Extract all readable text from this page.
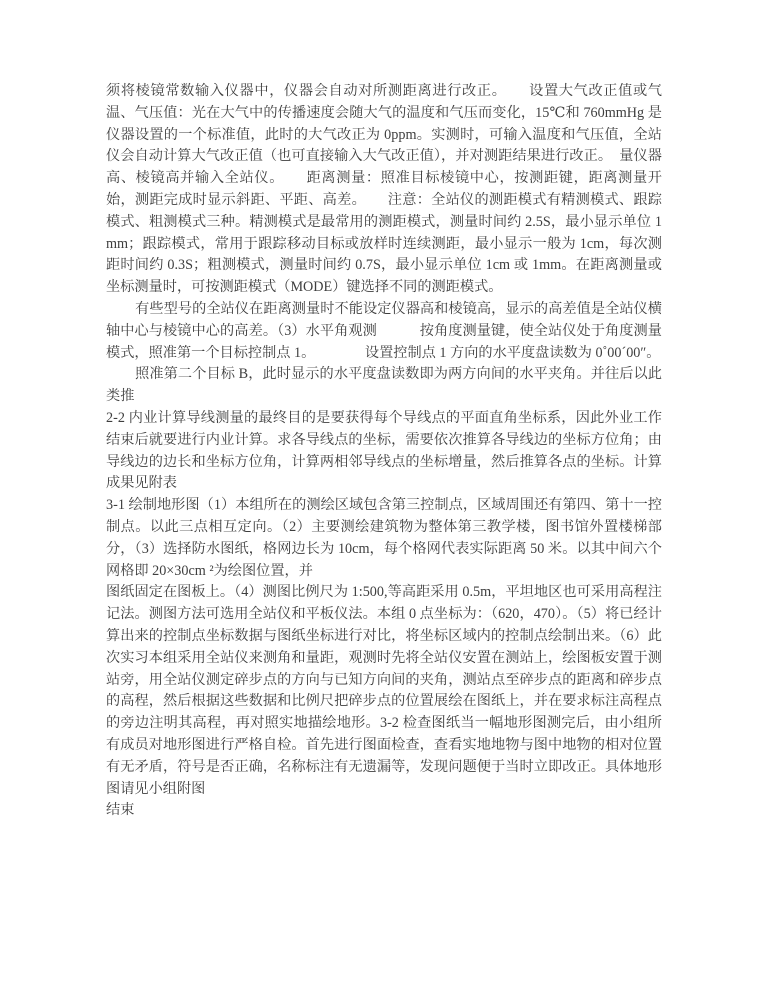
须将棱镜常数输入仪器中，仪器会自动对所测距离进行改正。　　设置大气改正值或气温、气压值：光在大气中的传播速度会随大气的温度和气压而变化，15℃和 760mmHg 是仪器设置的一个标准值，此时的大气改正为 0ppm。实测时，可输入温度和气压值，全站仪会自动计算大气改正值（也可直接输入大气改正值），并对测距结果进行改正。　量仪器高、棱镜高并输入全站仪。　　距离测量：照准目标棱镜中心，按测距键，距离测量开始，测距完成时显示斜距、平距、高差。　　注意：全站仪的测距模式有精测模式、跟踪模式、粗测模式三种。精测模式是最常用的测距模式，测量时间约 2.5S，最小显示单位 1mm；跟踪模式，常用于跟踪移动目标或放样时连续测距，最小显示一般为 1cm，每次测距时间约 0.3S；粗测模式，测量时间约 0.7S，最小显示单位 1cm 或 1mm。在距离测量或坐标测量时，可按测距模式（MODE）键选择不同的测距模式。

有些型号的全站仪在距离测量时不能设定仪器高和棱镜高，显示的高差值是全站仪横轴中心与棱镜中心的高差。（3）水平角观测　　　按角度测量键，使全站仪处于角度测量模式，照准第一个目标控制点 1。　　　　设置控制点 1 方向的水平度盘读数为 0˚00´00″。

照准第二个目标 B，此时显示的水平度盘读数即为两方向间的水平夹角。并往后以此类推

2-2 内业计算导线测量的最终目的是要获得每个导线点的平面直角坐标系，因此外业工作结束后就要进行内业计算。求各导线点的坐标，需要依次推算各导线边的坐标方位角；由导线边的边长和坐标方位角，计算两相邻导线点的坐标增量，然后推算各点的坐标。计算成果见附表

3-1 绘制地形图（1）本组所在的测绘区域包含第三控制点，区域周围还有第四、第十一控制点。以此三点相互定向。（2）主要测绘建筑物为整体第三教学楼，图书馆外置楼梯部分，（3）选择防水图纸，格网边长为 10cm，每个格网代表实际距离 50 米。以其中间六个网格即 20×30cm ²为绘图位置，并

图纸固定在图板上。（4）测图比例尺为 1:500,等高距采用 0.5m，平坦地区也可采用高程注记法。测图方法可选用全站仪和平板仪法。本组 0 点坐标为：（620，470）。（5）将已经计算出来的控制点坐标数据与图纸坐标进行对比，将坐标区域内的控制点绘制出来。（6）此次实习本组采用全站仪来测角和量距，观测时先将全站仪安置在测站上，绘图板安置于测站旁，用全站仪测定碎步点的方向与已知方向间的夹角，测站点至碎步点的距离和碎步点的高程，然后根据这些数据和比例尺把碎步点的位置展绘在图纸上，并在要求标注高程点的旁边注明其高程，再对照实地描绘地形。3-2 检查图纸当一幅地形图测完后，由小组所有成员对地形图进行严格自检。首先进行图面检查，查看实地地物与图中地物的相对位置有无矛盾，符号是否正确，名称标注有无遗漏等，发现问题便于当时立即改正。具体地形图请见小组附图

结束
